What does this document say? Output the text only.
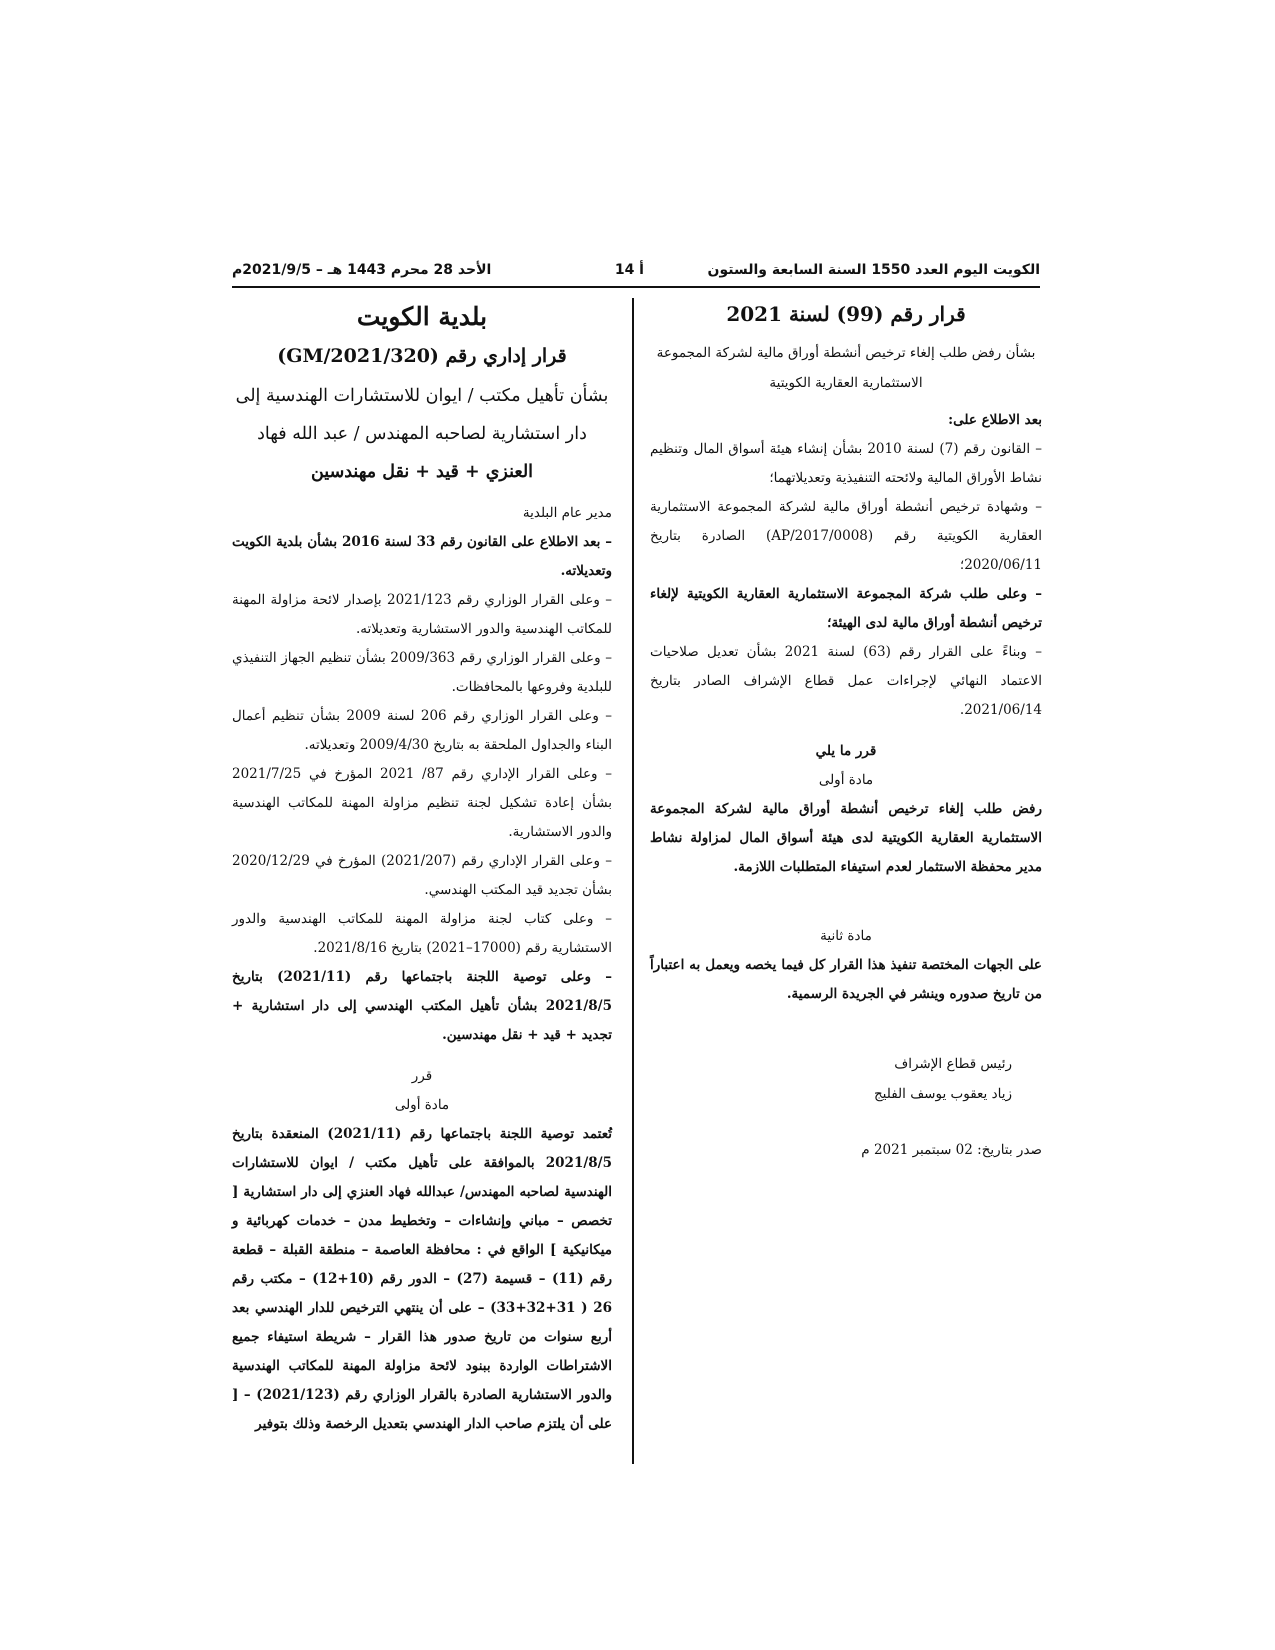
الكويت اليوم العدد 1550 السنة السابعة والستون
أ 14
الأحد 28 محرم 1443 هـ – 2021/9/5م
قرار رقم (99) لسنة 2021
بشأن رفض طلب إلغاء ترخيص أنشطة أوراق مالية لشركة المجموعة
الاستثمارية العقارية الكويتية

بعد الاطلاع على:

– القانون رقم (7) لسنة 2010 بشأن إنشاء هيئة أسواق المال وتنظيم نشاط الأوراق المالية ولائحته التنفيذية وتعديلاتهما؛

– وشهادة ترخيص أنشطة أوراق مالية لشركة المجموعة الاستثمارية العقارية الكويتية رقم (AP/2017/0008) الصادرة بتاريخ 2020/06/11؛

– وعلى طلب شركة المجموعة الاستثمارية العقارية الكويتية لإلغاء ترخيص أنشطة أوراق مالية لدى الهيئة؛

– وبناءً على القرار رقم (63) لسنة 2021 بشأن تعديل صلاحيات الاعتماد النهائي لإجراءات عمل قطاع الإشراف الصادر بتاريخ 2021/06/14.

قرر ما يلي

مادة أولى

رفض طلب إلغاء ترخيص أنشطة أوراق مالية لشركة المجموعة الاستثمارية العقارية الكويتية لدى هيئة أسواق المال لمزاولة نشاط مدير محفظة الاستثمار لعدم استيفاء المتطلبات اللازمة.

مادة ثانية

على الجهات المختصة تنفيذ هذا القرار كل فيما يخصه ويعمل به اعتباراً من تاريخ صدوره وينشر في الجريدة الرسمية.

رئيس قطاع الإشراف
زياد يعقوب يوسف الفليج
صدر بتاريخ: 02 سبتمبر 2021 م
بلدية الكويت
قرار إداري رقم (GM/2021/320)
بشأن تأهيل مكتب / ايوان للاستشارات الهندسية إلى
دار استشارية لصاحبه المهندس / عبد الله فهاد
العنزي + قيد + نقل مهندسين

مدير عام البلدية

– بعد الاطلاع على القانون رقم 33 لسنة 2016 بشأن بلدية الكويت وتعديلاته.

– وعلى القرار الوزاري رقم 2021/123 بإصدار لائحة مزاولة المهنة للمكاتب الهندسية والدور الاستشارية وتعديلاته.

– وعلى القرار الوزاري رقم 2009/363 بشأن تنظيم الجهاز التنفيذي للبلدية وفروعها بالمحافظات.

– وعلى القرار الوزاري رقم 206 لسنة 2009 بشأن تنظيم أعمال البناء والجداول الملحقة به بتاريخ 2009/4/30 وتعديلاته.

– وعلى القرار الإداري رقم 87/ 2021 المؤرخ في 2021/7/25 بشأن إعادة تشكيل لجنة تنظيم مزاولة المهنة للمكاتب الهندسية والدور الاستشارية.

– وعلى القرار الإداري رقم (2021/207) المؤرخ في 2020/12/29 بشأن تجديد قيد المكتب الهندسي.

– وعلى كتاب لجنة مزاولة المهنة للمكاتب الهندسية والدور الاستشارية رقم (17000–2021) بتاريخ 2021/8/16.

– وعلى توصية اللجنة باجتماعها رقم (2021/11) بتاريخ 2021/8/5 بشأن تأهيل المكتب الهندسي إلى دار استشارية + تجديد + قيد + نقل مهندسين.

قرر

مادة أولى

تُعتمد توصية اللجنة باجتماعها رقم (2021/11) المنعقدة بتاريخ 2021/8/5 بالموافقة على تأهيل مكتب / ايوان للاستشارات الهندسية لصاحبه المهندس/ عبدالله فهاد العنزي إلى دار استشارية [ تخصص – مباني وإنشاءات – وتخطيط مدن – خدمات كهربائية و ميكانيكية ] الواقع في : محافظة العاصمة – منطقة القبلة – قطعة رقم (11) – قسيمة (27) – الدور رقم (10+12) – مكتب رقم 26 ( 31+32+33) – على أن ينتهي الترخيص للدار الهندسي بعد أربع سنوات من تاريخ صدور هذا القرار – شريطة استيفاء جميع الاشتراطات الواردة ببنود لائحة مزاولة المهنة للمكاتب الهندسية والدور الاستشارية الصادرة بالقرار الوزاري رقم (2021/123) – [ على أن يلتزم صاحب الدار الهندسي بتعديل الرخصة وذلك بتوفير
